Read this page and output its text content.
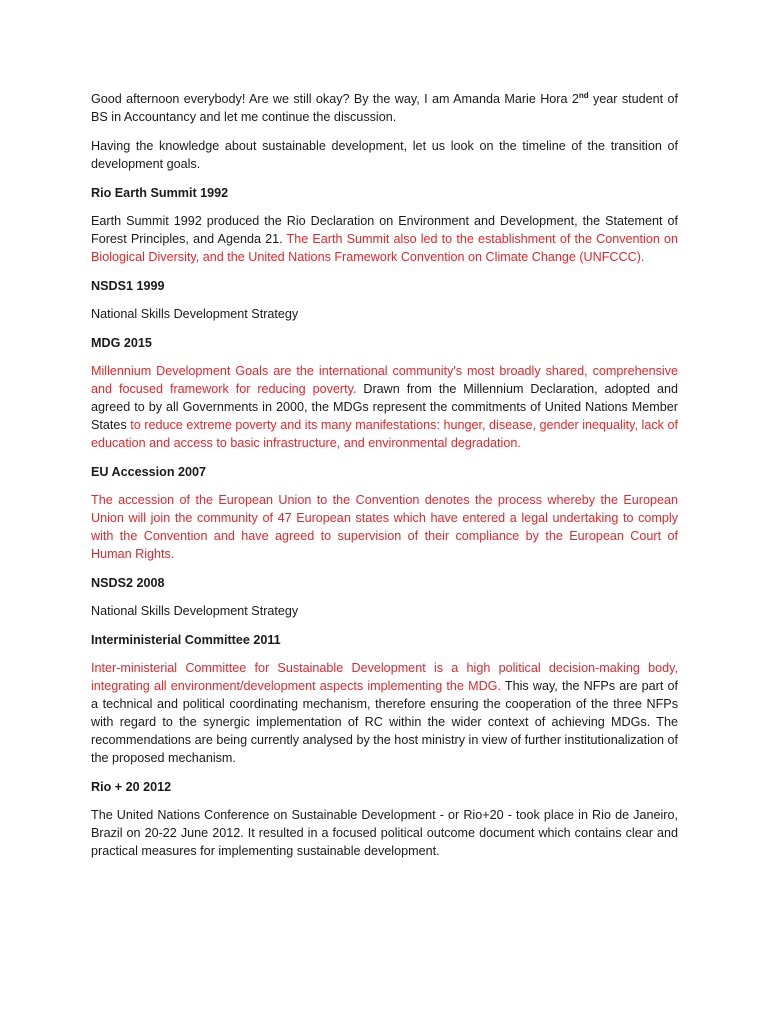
Good afternoon everybody! Are we still okay? By the way, I am Amanda Marie Hora 2nd year student of BS in Accountancy and let me continue the discussion.

Having the knowledge about sustainable development, let us look on the timeline of the transition of development goals.

Rio Earth Summit 1992

Earth Summit 1992 produced the Rio Declaration on Environment and Development, the Statement of Forest Principles, and Agenda 21. The Earth Summit also led to the establishment of the Convention on Biological Diversity, and the United Nations Framework Convention on Climate Change (UNFCCC).

NSDS1 1999

National Skills Development Strategy

MDG 2015

Millennium Development Goals are the international community's most broadly shared, comprehensive and focused framework for reducing poverty. Drawn from the Millennium Declaration, adopted and agreed to by all Governments in 2000, the MDGs represent the commitments of United Nations Member States to reduce extreme poverty and its many manifestations: hunger, disease, gender inequality, lack of education and access to basic infrastructure, and environmental degradation.

EU Accession 2007

The accession of the European Union to the Convention denotes the process whereby the European Union will join the community of 47 European states which have entered a legal undertaking to comply with the Convention and have agreed to supervision of their compliance by the European Court of Human Rights.

NSDS2 2008

National Skills Development Strategy

Interministerial Committee 2011

Inter-ministerial Committee for Sustainable Development is a high political decision-making body, integrating all environment/development aspects implementing the MDG. This way, the NFPs are part of a technical and political coordinating mechanism, therefore ensuring the cooperation of the three NFPs with regard to the synergic implementation of RC within the wider context of achieving MDGs. The recommendations are being currently analysed by the host ministry in view of further institutionalization of the proposed mechanism.

Rio + 20 2012

The United Nations Conference on Sustainable Development - or Rio+20 - took place in Rio de Janeiro, Brazil on 20-22 June 2012. It resulted in a focused political outcome document which contains clear and practical measures for implementing sustainable development.
